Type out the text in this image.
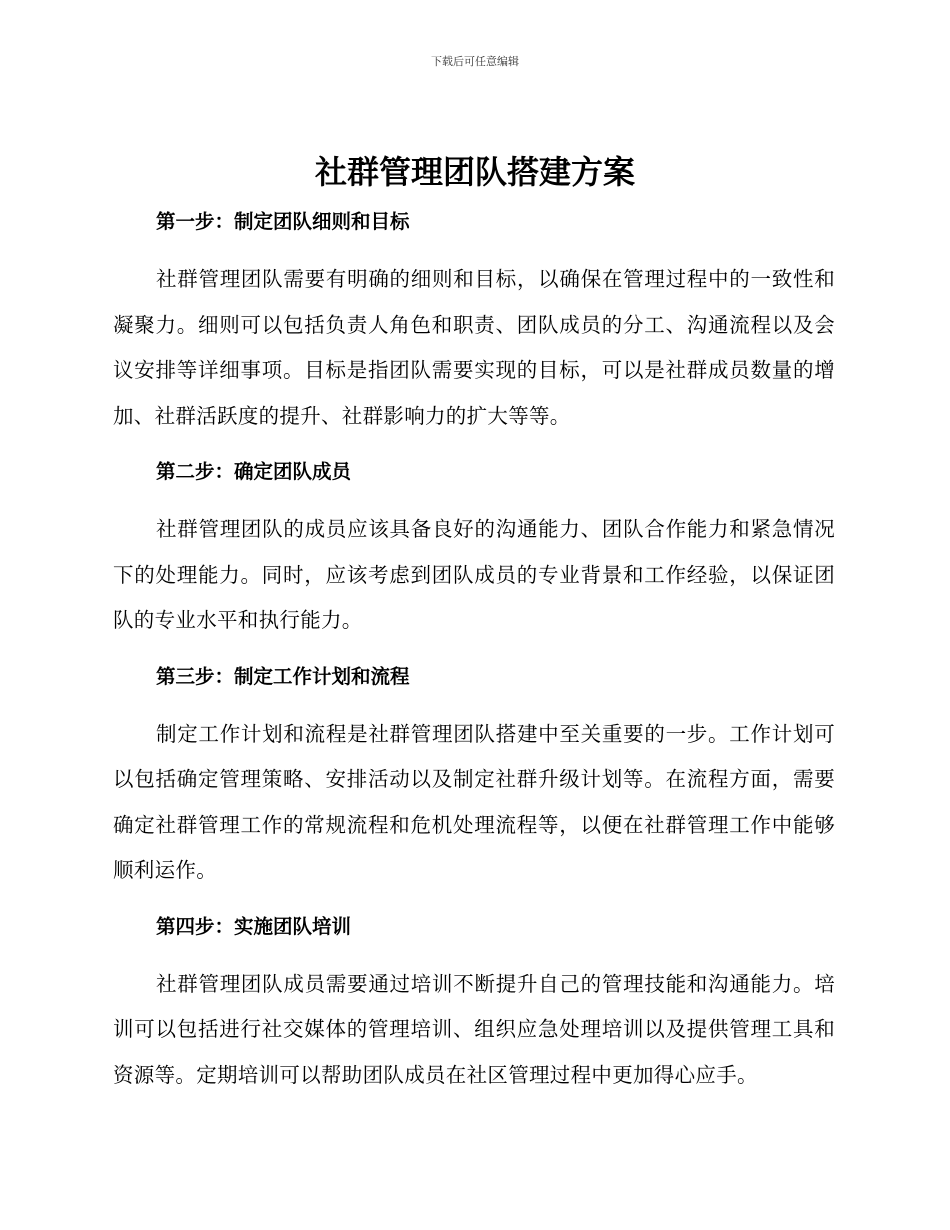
下载后可任意编辑
社群管理团队搭建方案
第一步：制定团队细则和目标

社群管理团队需要有明确的细则和目标，以确保在管理过程中的一致性和凝聚力。细则可以包括负责人角色和职责、团队成员的分工、沟通流程以及会议安排等详细事项。目标是指团队需要实现的目标，可以是社群成员数量的增加、社群活跃度的提升、社群影响力的扩大等等。

第二步：确定团队成员

社群管理团队的成员应该具备良好的沟通能力、团队合作能力和紧急情况下的处理能力。同时，应该考虑到团队成员的专业背景和工作经验，以保证团队的专业水平和执行能力。

第三步：制定工作计划和流程

制定工作计划和流程是社群管理团队搭建中至关重要的一步。工作计划可以包括确定管理策略、安排活动以及制定社群升级计划等。在流程方面，需要确定社群管理工作的常规流程和危机处理流程等，以便在社群管理工作中能够顺利运作。

第四步：实施团队培训

社群管理团队成员需要通过培训不断提升自己的管理技能和沟通能力。培训可以包括进行社交媒体的管理培训、组织应急处理培训以及提供管理工具和资源等。定期培训可以帮助团队成员在社区管理过程中更加得心应手。
